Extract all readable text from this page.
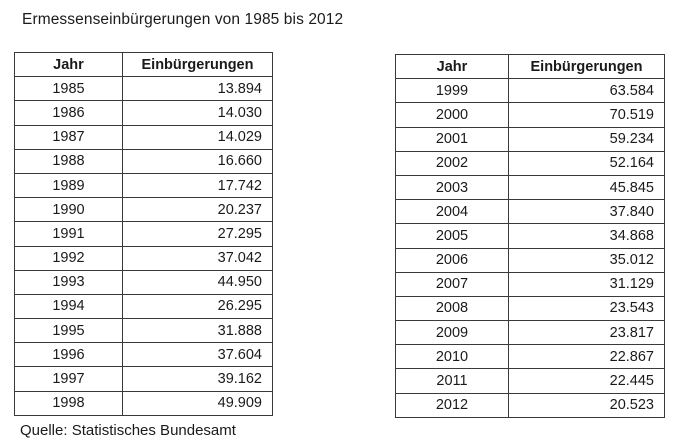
Ermessenseinbürgerungen von 1985 bis 2012
Jahr	Einbürgerungen
1985	13.894
1986	14.030
1987	14.029
1988	16.660
1989	17.742
1990	20.237
1991	27.295
1992	37.042
1993	44.950
1994	26.295
1995	31.888
1996	37.604
1997	39.162
1998	49.909
Jahr	Einbürgerungen
1999	63.584
2000	70.519
2001	59.234
2002	52.164
2003	45.845
2004	37.840
2005	34.868
2006	35.012
2007	31.129
2008	23.543
2009	23.817
2010	22.867
2011	22.445
2012	20.523
Quelle: Statistisches Bundesamt
